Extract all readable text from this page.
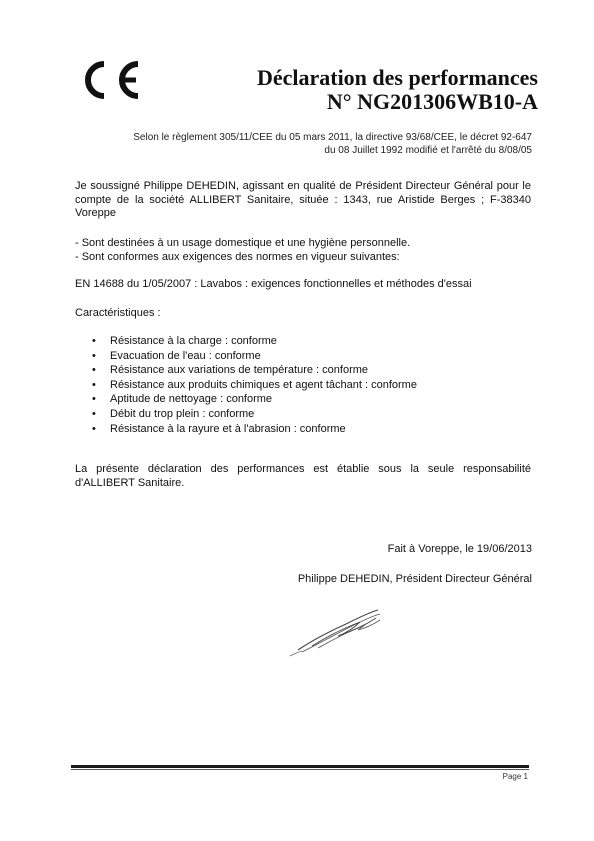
Déclaration des performances
N° NG201306WB10-A
Selon le règlement 305/11/CEE du 05 mars 2011, la directive 93/68/CEE, le décret 92-647
du 08 Juillet 1992 modifié et l'arrêté du 8/08/05
Je soussigné Philippe DEHEDIN, agissant en qualité de Président Directeur Général pour le compte de la société ALLIBERT Sanitaire, située : 1343, rue Aristide Berges ; F-38340 Voreppe
- Sont destinées à un usage domestique et une hygiène personnelle.
- Sont conformes aux exigences des normes en vigueur suivantes:
EN 14688 du 1/05/2007 : Lavabos : exigences fonctionnelles et méthodes d'essai
Caractéristiques :
• Résistance à la charge : conforme
• Evacuation de l'eau : conforme
• Résistance aux variations de température : conforme
• Résistance aux produits chimiques et agent tâchant : conforme
• Aptitude de nettoyage : conforme
• Débit du trop plein : conforme
• Résistance à la rayure et à l'abrasion : conforme
La présente déclaration des performances est établie sous la seule responsabilité d'ALLIBERT Sanitaire.
Fait à Voreppe, le 19/06/2013
Philippe DEHEDIN, Président Directeur Général
Page 1
